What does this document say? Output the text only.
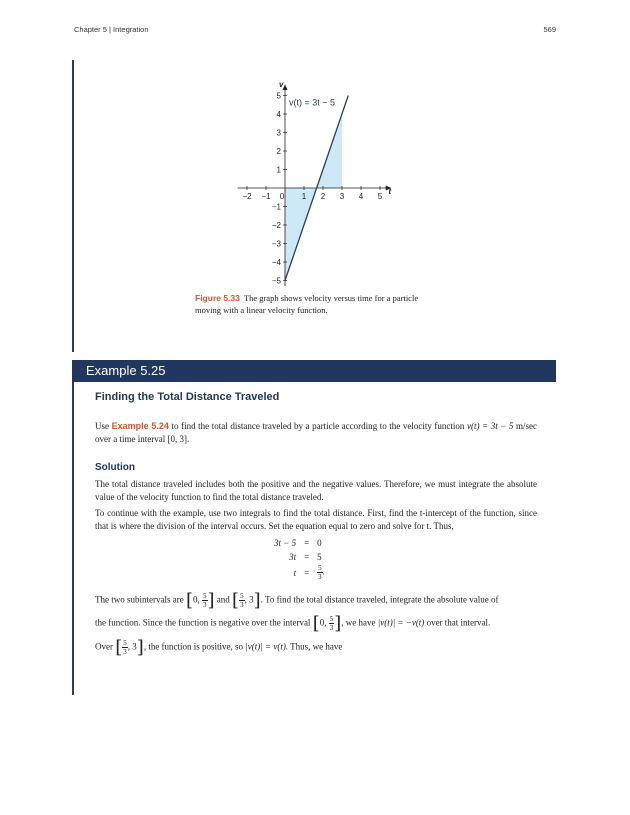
Chapter 5 | Integration	569
−2 −1 0 1 2 3 4 5
5
4
3
2
1
−1
−2
−3
−4
−5
v(t) = 3t − 5
t
v
Figure 5.33 The graph shows velocity versus time for a particle moving with a linear velocity function.
Example 5.25
Finding the Total Distance Traveled
Use Example 5.24 to find the total distance traveled by a particle according to the velocity function v(t) = 3t − 5 m/sec over a time interval [0, 3].
Solution
The total distance traveled includes both the positive and the negative values. Therefore, we must integrate the absolute value of the velocity function to find the total distance traveled.
To continue with the example, use two integrals to find the total distance. First, find the t-intercept of the function, since that is where the division of the interval occurs. Set the equation equal to zero and solve for t. Thus,
3t − 5	=	0
3t	=	5
t	=	$\frac{5}{3}$ .
The two subintervals are [0, $\frac{5}{3}$ ] and [ $\frac{5}{3}$ , 3]. To find the total distance traveled, integrate the absolute value of
the function. Since the function is negative over the interval [0, $\frac{5}{3}$ ], we have |v(t)| = −v(t) over that interval.
Over [ $\frac{5}{3}$ , 3], the function is positive, so |v(t)| = v(t). Thus, we have
